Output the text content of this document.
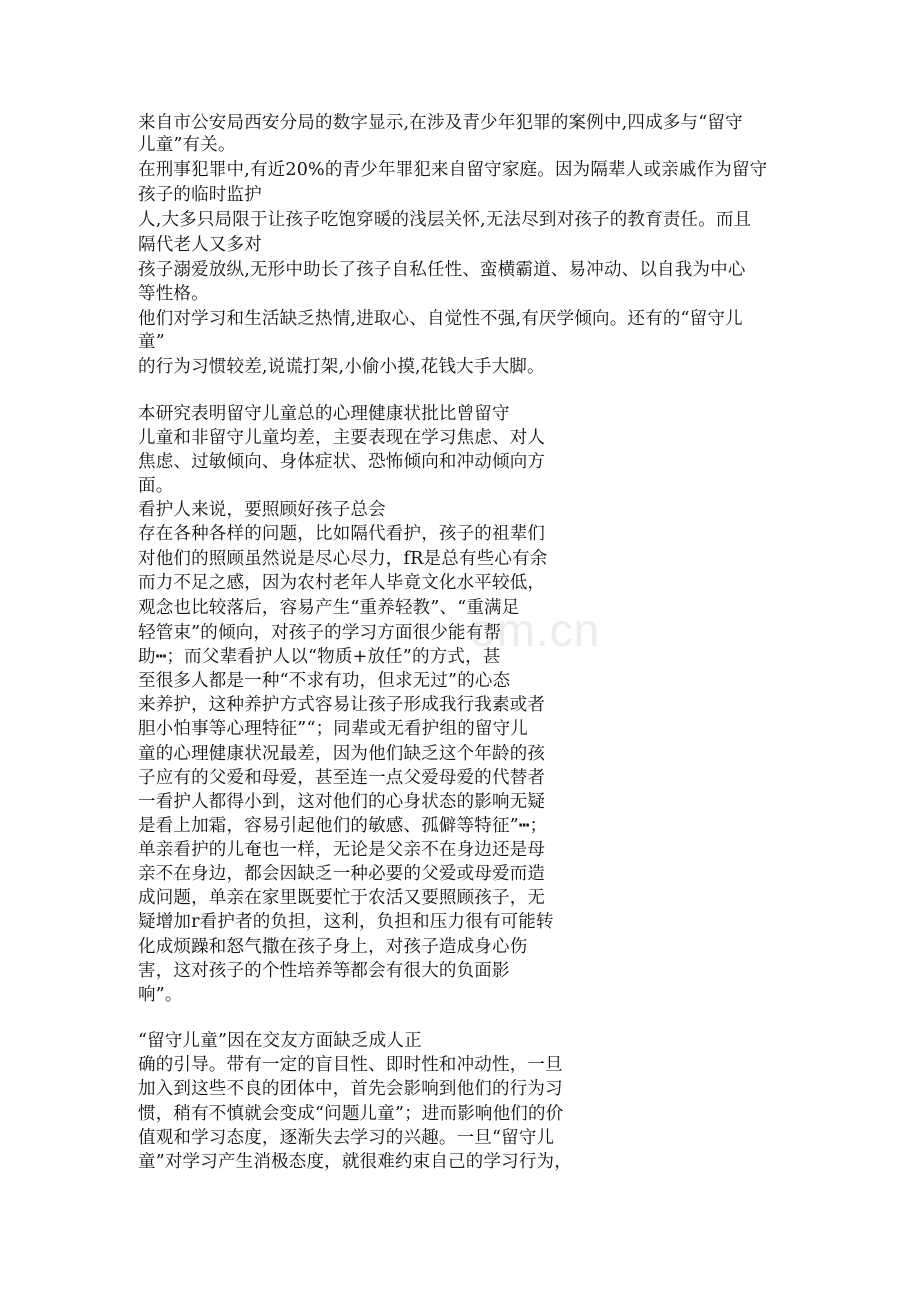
om.cn
来自市公安局西安分局的数字显示,在涉及青少年犯罪的案例中,四成多与“留守
儿童”有关。
在刑事犯罪中,有近20%的青少年罪犯来自留守家庭。因为隔辈人或亲戚作为留守
孩子的临时监护
人,大多只局限于让孩子吃饱穿暖的浅层关怀,无法尽到对孩子的教育责任。而且
隔代老人又多对
孩子溺爱放纵,无形中助长了孩子自私任性、蛮横霸道、易冲动、以自我为中心
等性格。
他们对学习和生活缺乏热情,进取心、自觉性不强,有厌学倾向。还有的“留守儿
童”
的行为习惯较差,说谎打架,小偷小摸,花钱大手大脚。
本研究表明留守儿童总的心理健康状批比曾留守
儿童和非留守儿童均差，主要表现在学习焦虑、对人
焦虑、过敏倾向、身体症状、恐怖倾向和冲动倾向方
面。
看护人来说，要照顾好孩子总会
存在各种各样的问题，比如隔代看护，孩子的祖辈们
对他们的照顾虽然说是尽心尽力，fR是总有些心有余
而力不足之感，因为农村老年人毕竟文化水平较低，
观念也比较落后，容易产生“重养轻教”、“重满足
轻管束”的倾向，对孩子的学习方面很少能有帮
助┅；而父辈看护人以“物质+放任”的方式，甚
至很多人都是一种“不求有功，但求无过”的心态
来养护，这种养护方式容易让孩子形成我行我素或者
胆小怕事等心理特征”“；同辈或无看护组的留守儿
童的心理健康状况最差，因为他们缺乏这个年龄的孩
子应有的父爱和母爱，甚至连一点父爱母爱的代替者
一看护人都得小到，这对他们的心身状态的影响无疑
是看上加霜，容易引起他们的敏感、孤僻等特征”┅；
单亲看护的儿奄也一样，无论是父亲不在身边还是母
亲不在身边，都会因缺乏一种必要的父爱或母爱而造
成问题，单亲在家里既要忙于农活又要照顾孩子，无
疑增加r看护者的负担，这利，负担和压力很有可能转
化成烦躁和怒气撒在孩子身上，对孩子造成身心伤
害，这对孩子的个性培养等都会有很大的负面影
响”。
“留守儿童”因在交友方面缺乏成人正
确的引导。带有一定的盲目性、即时性和冲动性，一旦
加入到这些不良的团体中，首先会影响到他们的行为习
惯，稍有不慎就会变成“问题儿童”；进而影响他们的价
值观和学习态度，逐渐失去学习的兴趣。一旦“留守儿
童”对学习产生消极态度，就很难约束自己的学习行为，
